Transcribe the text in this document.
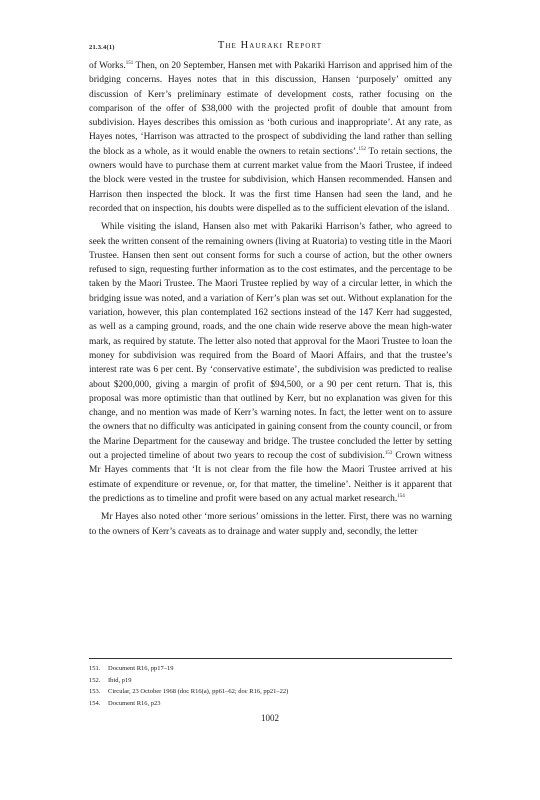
21.3.4(1)	The Hauraki Report

of Works.$^{151}$ Then, on 20 September, Hansen met with Pakariki Harrison and apprised him of the bridging concerns. Hayes notes that in this discussion, Hansen ‘purposely’ omitted any discussion of Kerr’s preliminary estimate of development costs, rather focusing on the comparison of the offer of $38,000 with the projected profit of double that amount from subdivision. Hayes describes this omission as ‘both curious and inappropriate’. At any rate, as Hayes notes, ‘Harrison was attracted to the prospect of subdividing the land rather than selling the block as a whole, as it would enable the owners to retain sections’.$^{152}$ To retain sections, the owners would have to purchase them at current market value from the Maori Trustee, if indeed the block were vested in the trustee for subdivision, which Hansen recommended. Hansen and Harrison then inspected the block. It was the first time Hansen had seen the land, and he recorded that on inspection, his doubts were dispelled as to the sufficient elevation of the island.

While visiting the island, Hansen also met with Pakariki Harrison’s father, who agreed to seek the written consent of the remaining owners (living at Ruatoria) to vesting title in the Maori Trustee. Hansen then sent out consent forms for such a course of action, but the other owners refused to sign, requesting further information as to the cost estimates, and the percentage to be taken by the Maori Trustee. The Maori Trustee replied by way of a circular letter, in which the bridging issue was noted, and a variation of Kerr’s plan was set out. Without explanation for the variation, however, this plan contemplated 162 sections instead of the 147 Kerr had suggested, as well as a camping ground, roads, and the one chain wide reserve above the mean high-water mark, as required by statute. The letter also noted that approval for the Maori Trustee to loan the money for subdivision was required from the Board of Maori Affairs, and that the trustee’s interest rate was 6 per cent. By ‘conservative estimate’, the subdivision was predicted to realise about $200,000, giving a margin of profit of $94,500, or a 90 per cent return. That is, this proposal was more optimistic than that outlined by Kerr, but no explanation was given for this change, and no mention was made of Kerr’s warning notes. In fact, the letter went on to assure the owners that no difficulty was anticipated in gaining consent from the county council, or from the Marine Department for the causeway and bridge. The trustee concluded the letter by setting out a projected timeline of about two years to recoup the cost of subdivision.$^{153}$ Crown witness Mr Hayes comments that ‘It is not clear from the file how the Maori Trustee arrived at his estimate of expenditure or revenue, or, for that matter, the timeline’. Neither is it apparent that the predictions as to timeline and profit were based on any actual market research.$^{154}$

Mr Hayes also noted other ‘more serious’ omissions in the letter. First, there was no warning to the owners of Kerr’s caveats as to drainage and water supply and, secondly, the letter

151. Document R16, pp17–19
152. Ibid, p19
153. Circular, 23 October 1968 (doc R16(a), pp61–62; doc R16, pp21–22)
154. Document R16, p23
1002
